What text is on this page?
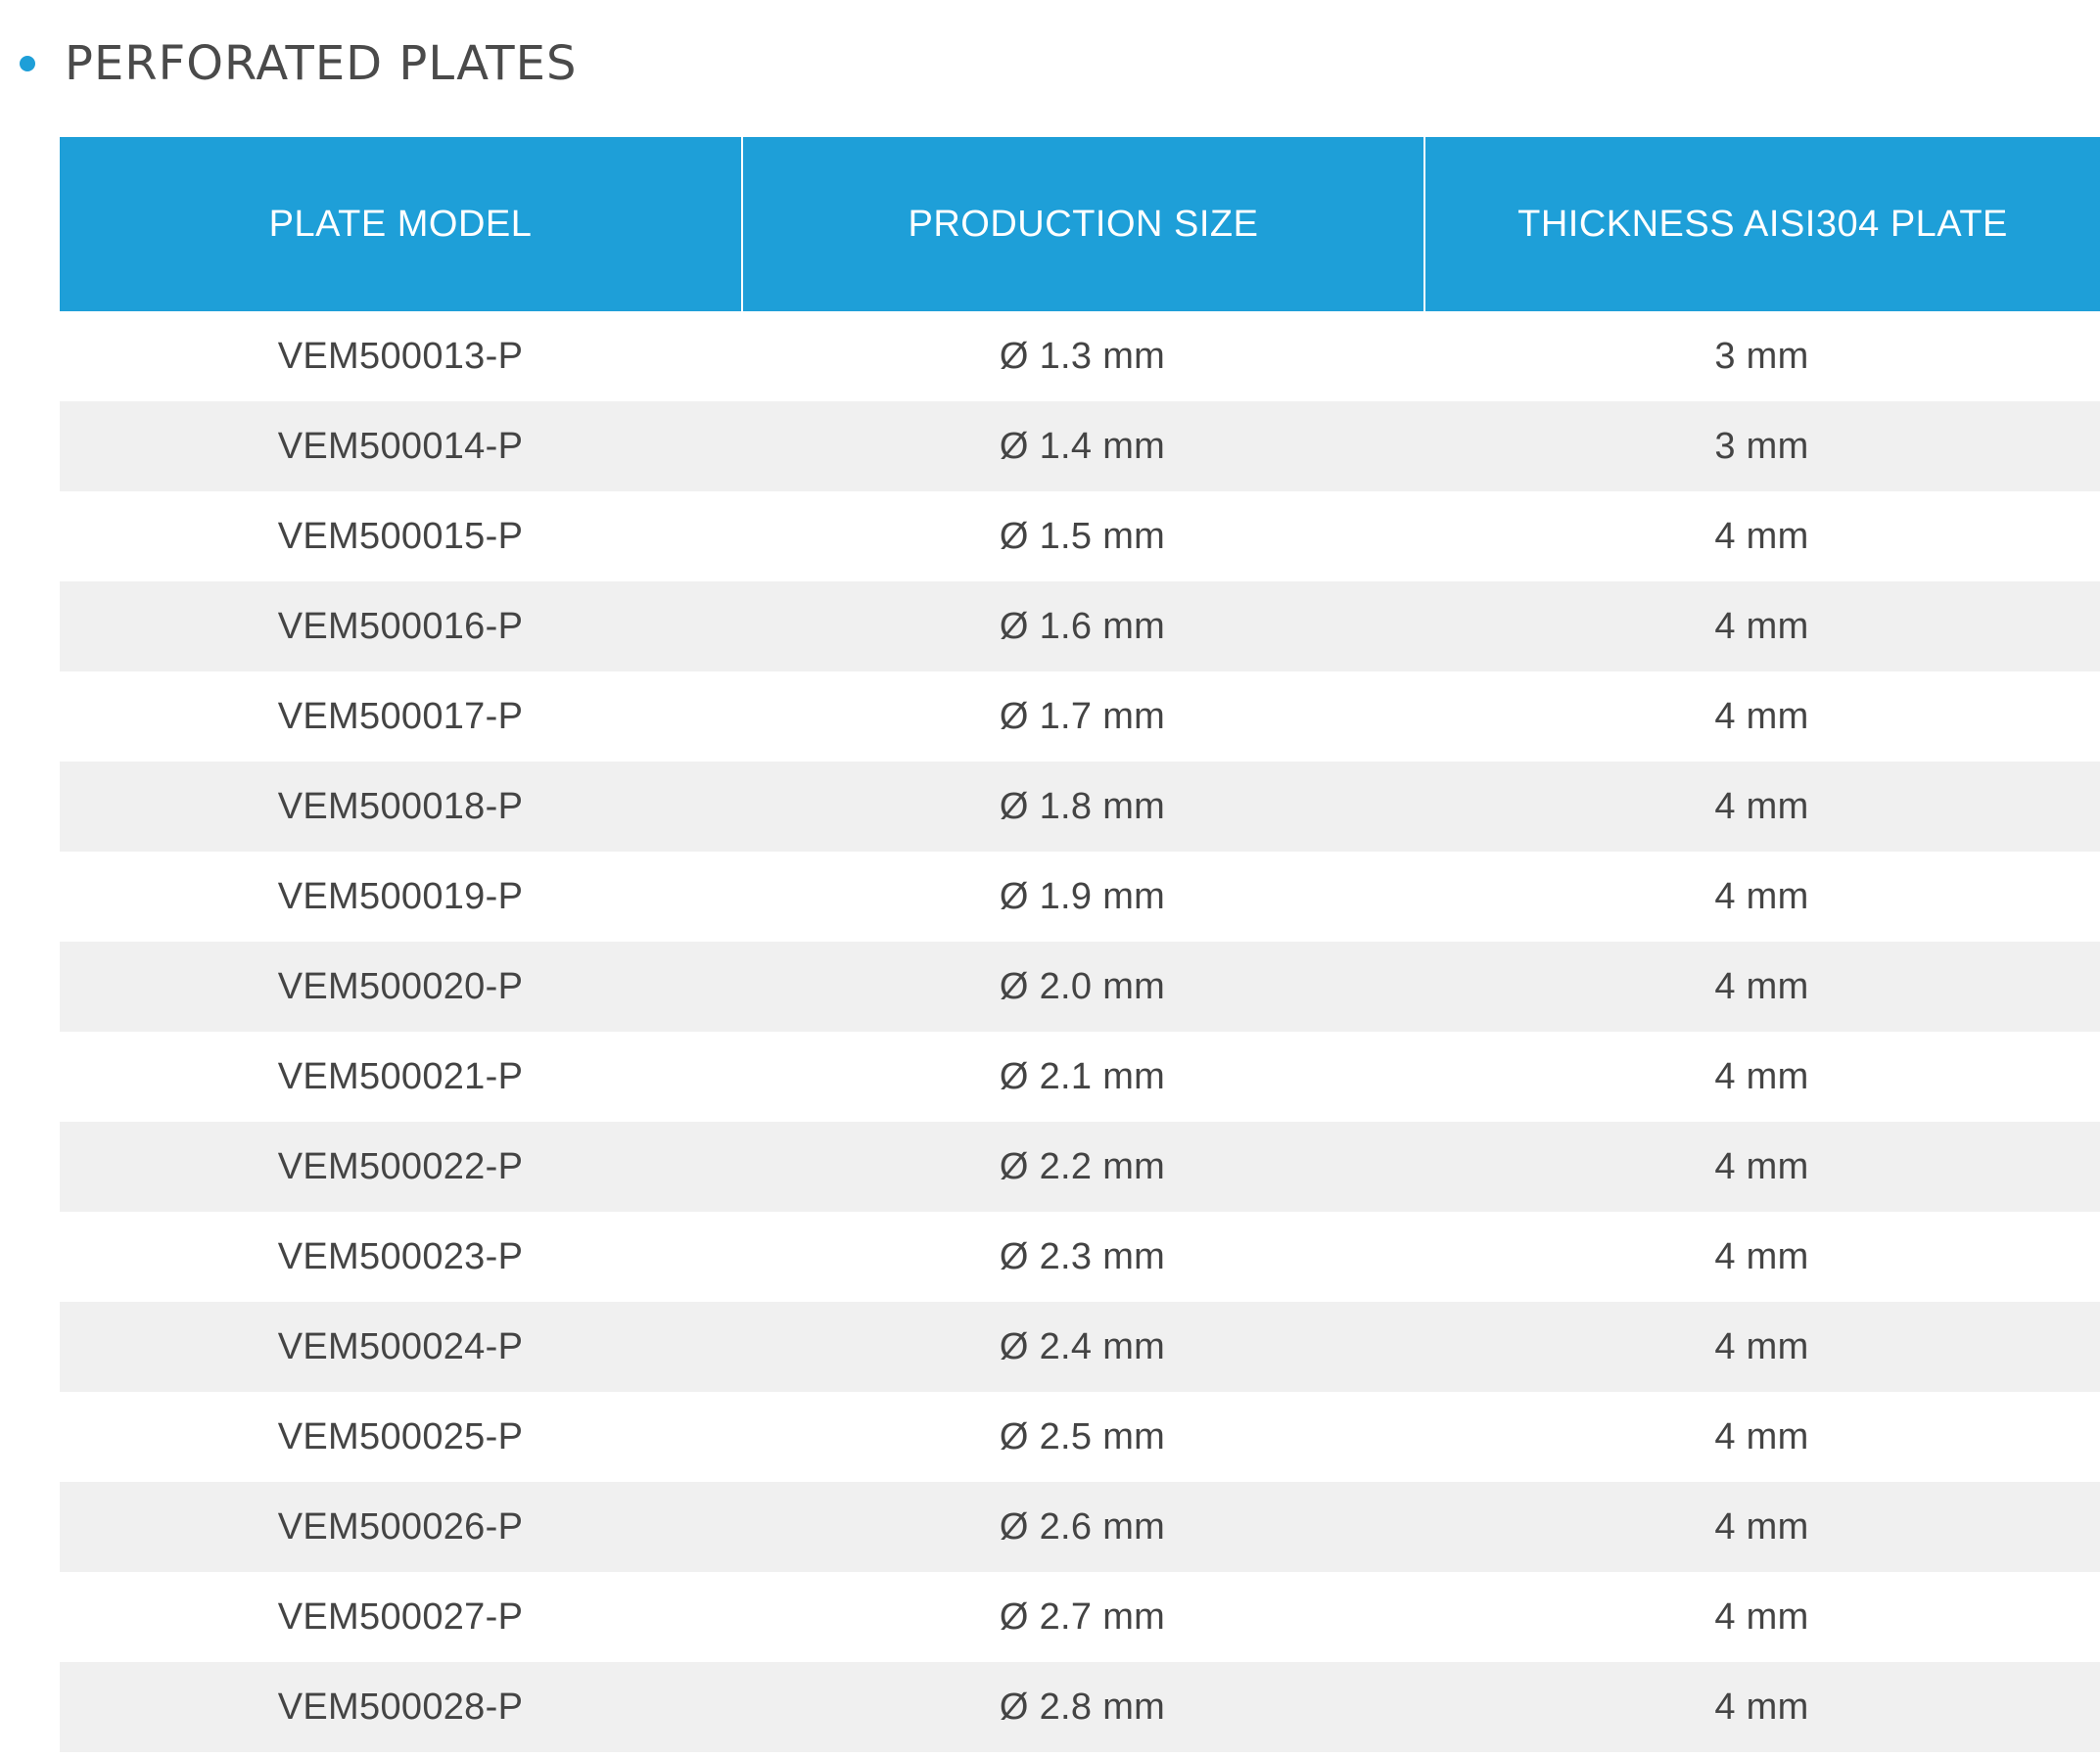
PERFORATED PLATES
PLATE MODEL	PRODUCTION SIZE	THICKNESS AISI304 PLATE
VEM500013-P	Ø 1.3 mm	3 mm
VEM500014-P	Ø 1.4 mm	3 mm
VEM500015-P	Ø 1.5 mm	4 mm
VEM500016-P	Ø 1.6 mm	4 mm
VEM500017-P	Ø 1.7 mm	4 mm
VEM500018-P	Ø 1.8 mm	4 mm
VEM500019-P	Ø 1.9 mm	4 mm
VEM500020-P	Ø 2.0 mm	4 mm
VEM500021-P	Ø 2.1 mm	4 mm
VEM500022-P	Ø 2.2 mm	4 mm
VEM500023-P	Ø 2.3 mm	4 mm
VEM500024-P	Ø 2.4 mm	4 mm
VEM500025-P	Ø 2.5 mm	4 mm
VEM500026-P	Ø 2.6 mm	4 mm
VEM500027-P	Ø 2.7 mm	4 mm
VEM500028-P	Ø 2.8 mm	4 mm
